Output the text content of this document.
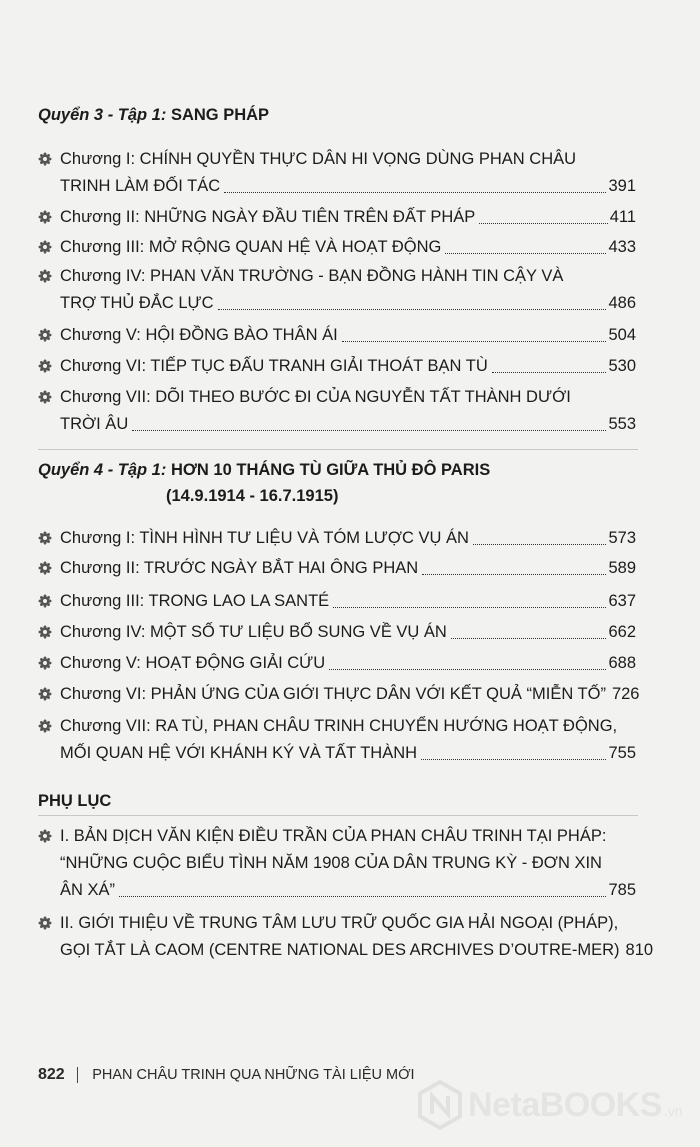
Quyển 3 - Tập 1: SANG PHÁP
Chương I: CHÍNH QUYỀN THỰC DÂN HI VỌNG DÙNG PHAN CHÂU
TRINH LÀM ĐỐI TÁC	391
Chương II: NHỮNG NGÀY ĐẦU TIÊN TRÊN ĐẤT PHÁP	411
Chương III: MỞ RỘNG QUAN HỆ VÀ HOẠT ĐỘNG	433
Chương IV: PHAN VĂN TRƯỜNG - BẠN ĐỒNG HÀNH TIN CẬY VÀ
TRỢ THỦ ĐẮC LỰC	486
Chương V: HỘI ĐỒNG BÀO THÂN ÁI	504
Chương VI: TIẾP TỤC ĐẤU TRANH GIẢI THOÁT BẠN TÙ	530
Chương VII: DÕI THEO BƯỚC ĐI CỦA NGUYỄN TẤT THÀNH DƯỚI
TRỜI ÂU	553
Quyển 4 - Tập 1: HƠN 10 THÁNG TÙ GIỮA THỦ ĐÔ PARIS
(14.9.1914 - 16.7.1915)
Chương I: TÌNH HÌNH TƯ LIỆU VÀ TÓM LƯỢC VỤ ÁN	573
Chương II: TRƯỚC NGÀY BẮT HAI ÔNG PHAN	589
Chương III: TRONG LAO LA SANTÉ	637
Chương IV: MỘT SỐ TƯ LIỆU BỔ SUNG VỀ VỤ ÁN	662
Chương V: HOẠT ĐỘNG GIẢI CỨU	688
Chương VI: PHẢN ỨNG CỦA GIỚI THỰC DÂN VỚI KẾT QUẢ “MIỄN TỐ” 726
Chương VII: RA TÙ, PHAN CHÂU TRINH CHUYỂN HƯỚNG HOẠT ĐỘNG,
MỐI QUAN HỆ VỚI KHÁNH KÝ VÀ TẤT THÀNH	755
PHỤ LỤC
I. BẢN DỊCH VĂN KIỆN ĐIỀU TRẦN CỦA PHAN CHÂU TRINH TẠI PHÁP:
“NHỮNG CUỘC BIỂU TÌNH NĂM 1908 CỦA DÂN TRUNG KỲ - ĐƠN XIN
ÂN XÁ”	785
II. GIỚI THIỆU VỀ TRUNG TÂM LƯU TRỮ QUỐC GIA HẢI NGOẠI (PHÁP),
GỌI TẮT LÀ CAOM (CENTRE NATIONAL DES ARCHIVES D’OUTRE-MER) 810
822 PHAN CHÂU TRINH QUA NHỮNG TÀI LIỆU MỚI
NetaBOOKS .vn
